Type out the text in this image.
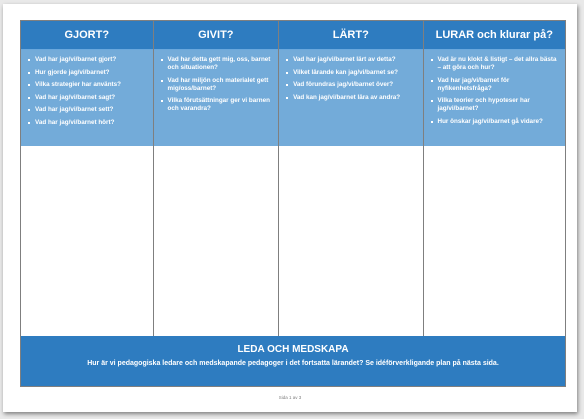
GJORT?
Vad har jag/vi/barnet gjort?
Hur gjorde jag/vi/barnet?
Vilka strategier har använts?
Vad har jag/vi/barnet sagt?
Vad har jag/vi/barnet sett?
Vad har jag/vi/barnet hört?
GIVIT?
Vad har detta gett mig, oss, barnet och situationen?
Vad har miljön och materialet gett mig/oss/barnet?
Vilka förutsättningar ger vi barnen och varandra?
LÄRT?
Vad har jag/vi/barnet lärt av detta?
Vilket lärande kan jag/vi/barnet se?
Vad förundras jag/vi/barnet över?
Vad kan jag/vi/barnet lära av andra?
LURAR och klurar på?
Vad är nu klokt & listigt – det allra bästa – att göra och hur?
Vad har jag/vi/barnet för nyfikenhetsfråga?
Vilka teorier och hypoteser har jag/vi/barnet?
Hur önskar jag/vi/barnet gå vidare?
LEDA OCH MEDSKAPA
Hur är vi pedagogiska ledare och medskapande pedagoger i det fortsatta lärandet? Se idéförverkligande plan på nästa sida.
Sida 1 av 3
